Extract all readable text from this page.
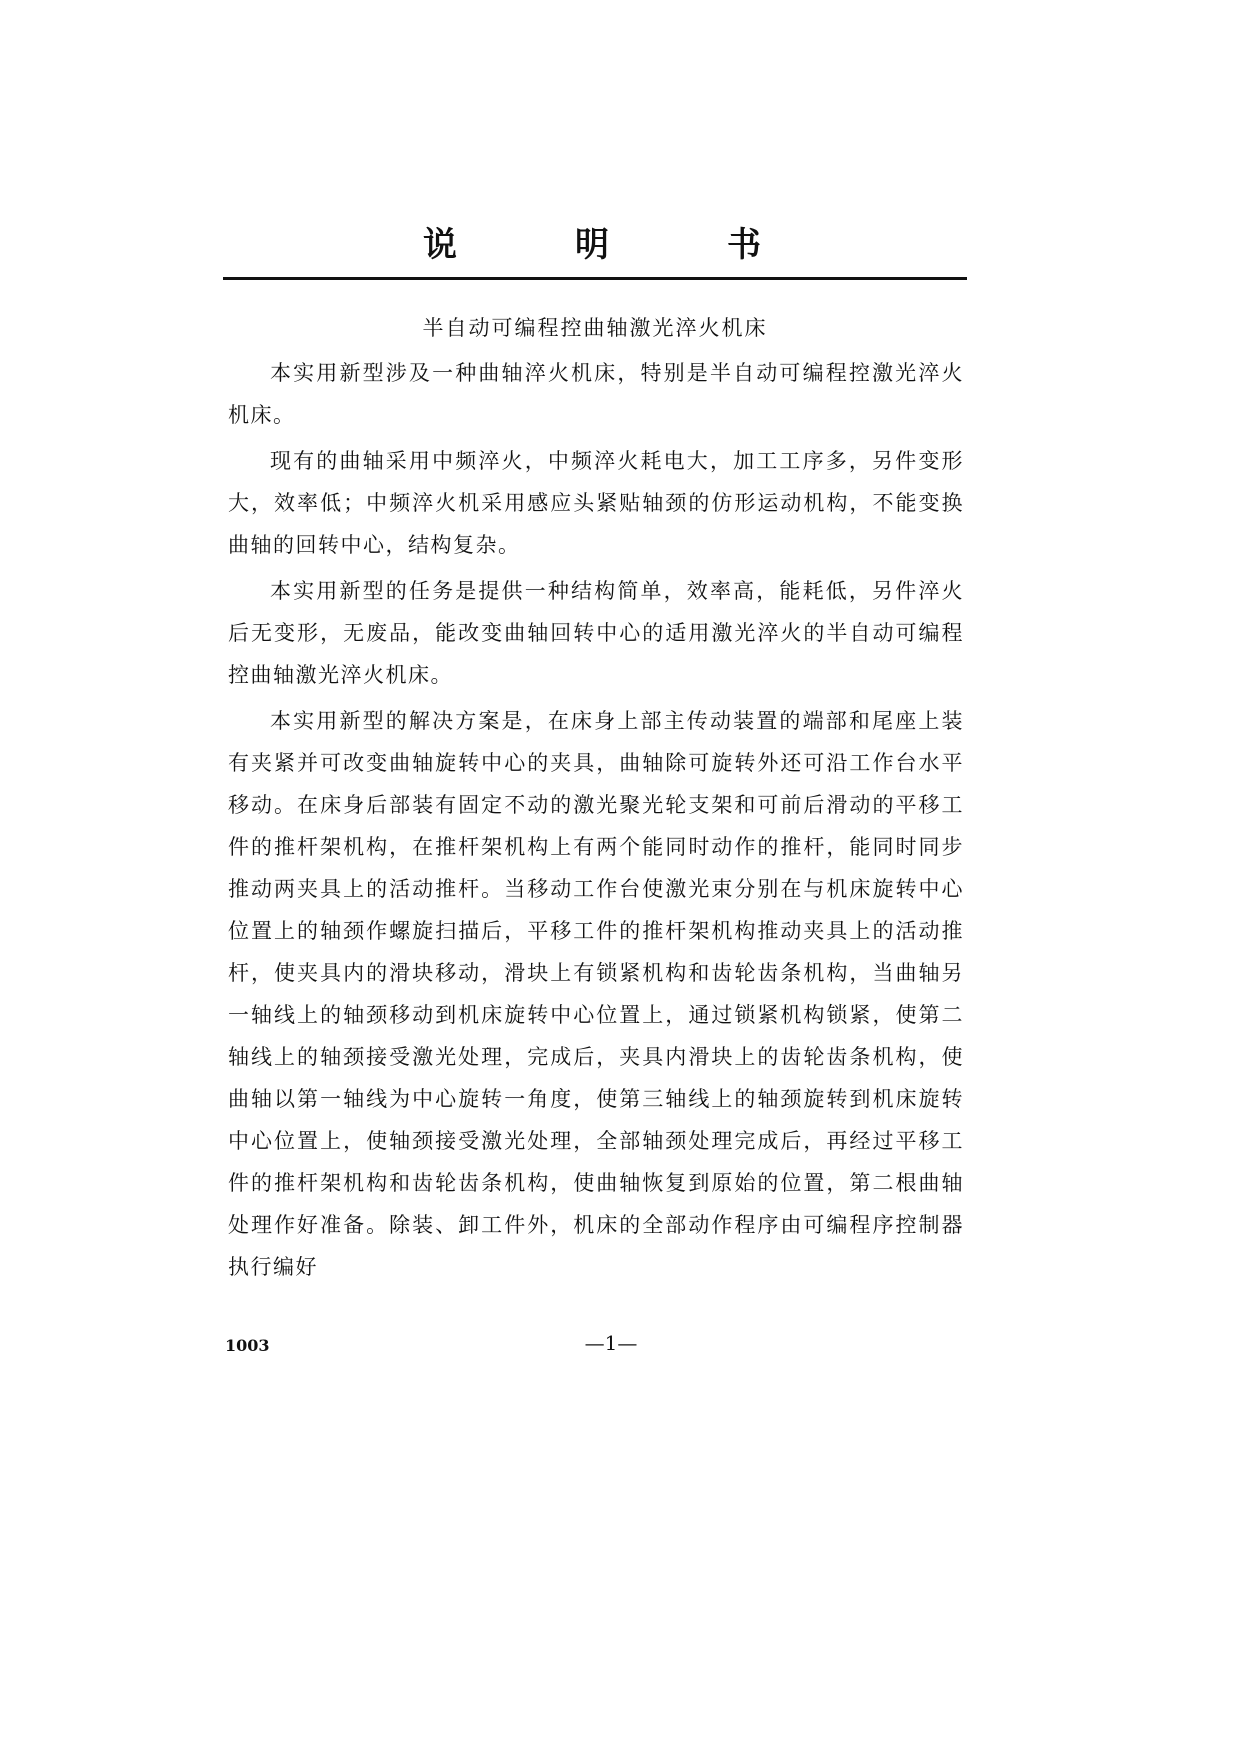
说	明	书
半自动可编程控曲轴激光淬火机床

本实用新型涉及一种曲轴淬火机床，特别是半自动可编程控激光淬火机床。

现有的曲轴采用中频淬火，中频淬火耗电大，加工工序多，另件变形大，效率低；中频淬火机采用感应头紧贴轴颈的仿形运动机构，不能变换曲轴的回转中心，结构复杂。

本实用新型的任务是提供一种结构简单，效率高，能耗低，另件淬火后无变形，无废品，能改变曲轴回转中心的适用激光淬火的半自动可编程控曲轴激光淬火机床。

本实用新型的解决方案是，在床身上部主传动装置的端部和尾座上装有夹紧并可改变曲轴旋转中心的夹具，曲轴除可旋转外还可沿工作台水平移动。在床身后部装有固定不动的激光聚光轮支架和可前后滑动的平移工件的推杆架机构，在推杆架机构上有两个能同时动作的推杆，能同时同步推动两夹具上的活动推杆。当移动工作台使激光束分别在与机床旋转中心位置上的轴颈作螺旋扫描后，平移工件的推杆架机构推动夹具上的活动推杆，使夹具内的滑块移动，滑块上有锁紧机构和齿轮齿条机构，当曲轴另一轴线上的轴颈移动到机床旋转中心位置上，通过锁紧机构锁紧，使第二轴线上的轴颈接受激光处理，完成后，夹具内滑块上的齿轮齿条机构，使曲轴以第一轴线为中心旋转一角度，使第三轴线上的轴颈旋转到机床旋转中心位置上，使轴颈接受激光处理，全部轴颈处理完成后，再经过平移工件的推杆架机构和齿轮齿条机构，使曲轴恢复到原始的位置，第二根曲轴处理作好准备。除装、卸工件外，机床的全部动作程序由可编程序控制器执行编好

1003	—1—
